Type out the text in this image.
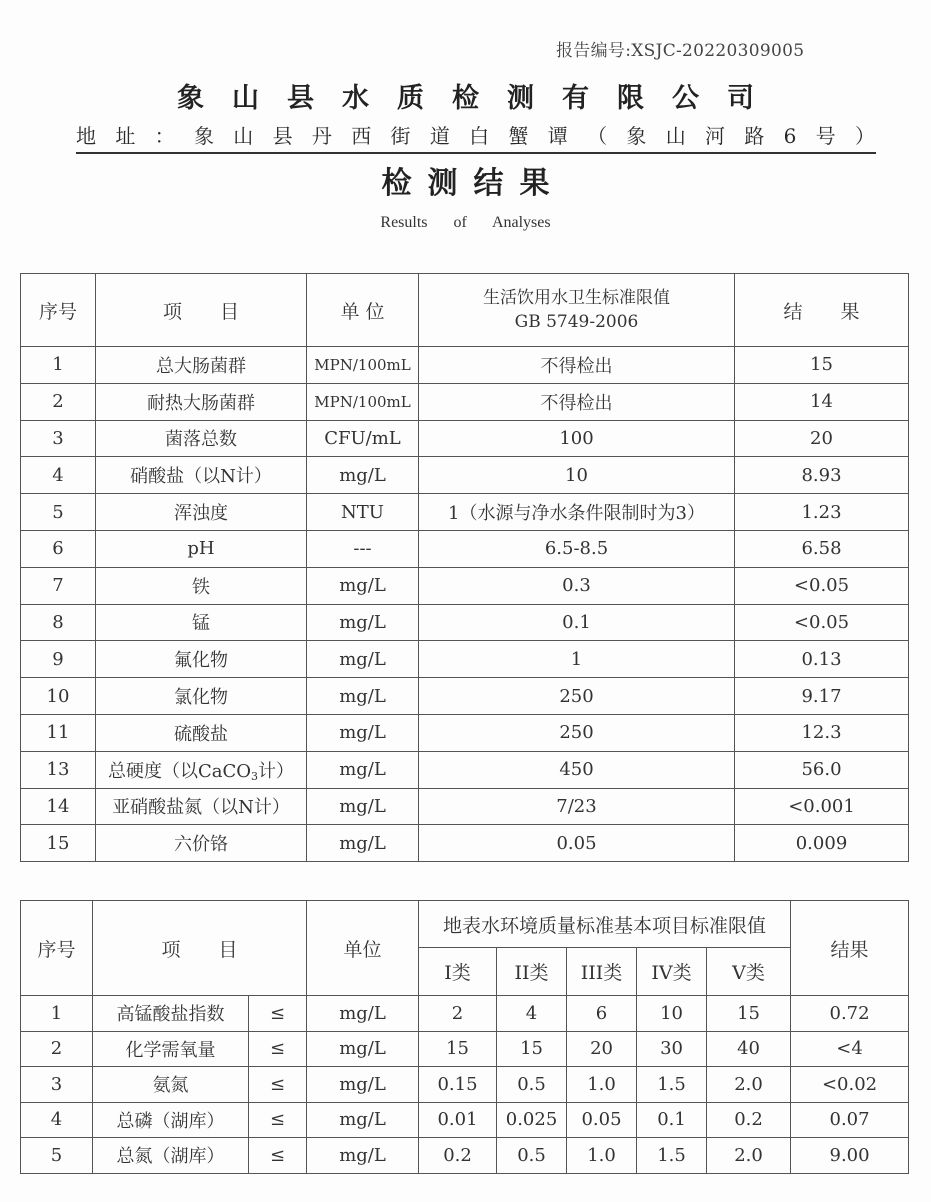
报告编号:XSJC-20220309005
象山县水质检测有限公司
地址：象山县丹西街道白蟹谭（象山河路6号）
检测结果
Results of Analyses
序号	项　　目	单 位	生活饮用水卫生标准限值
GB 5749-2006	结　　果
1	总大肠菌群	MPN/100mL	不得检出	15
2	耐热大肠菌群	MPN/100mL	不得检出	14
3	菌落总数	CFU/mL	100	20
4	硝酸盐（以N计）	mg/L	10	8.93
5	浑浊度	NTU	1（水源与净水条件限制时为3）	1.23
6	pH	---	6.5-8.5	6.58
7	铁	mg/L	0.3	<0.05
8	锰	mg/L	0.1	<0.05
9	氟化物	mg/L	1	0.13
10	氯化物	mg/L	250	9.17
11	硫酸盐	mg/L	250	12.3
13	总硬度（以CaCO$_3$计）	mg/L	450	56.0
14	亚硝酸盐氮（以N计）	mg/L	7/23	<0.001
15	六价铬	mg/L	0.05	0.009
序号	项　　目		单位	地表水环境质量标准基本项目标准限值					结果
				I类	II类	III类	IV类	V类	
1	高锰酸盐指数	≤	mg/L	2	4	6	10	15	0.72
2	化学需氧量	≤	mg/L	15	15	20	30	40	<4
3	氨氮	≤	mg/L	0.15	0.5	1.0	1.5	2.0	<0.02
4	总磷（湖库）	≤	mg/L	0.01	0.025	0.05	0.1	0.2	0.07
5	总氮（湖库）	≤	mg/L	0.2	0.5	1.0	1.5	2.0	9.00
